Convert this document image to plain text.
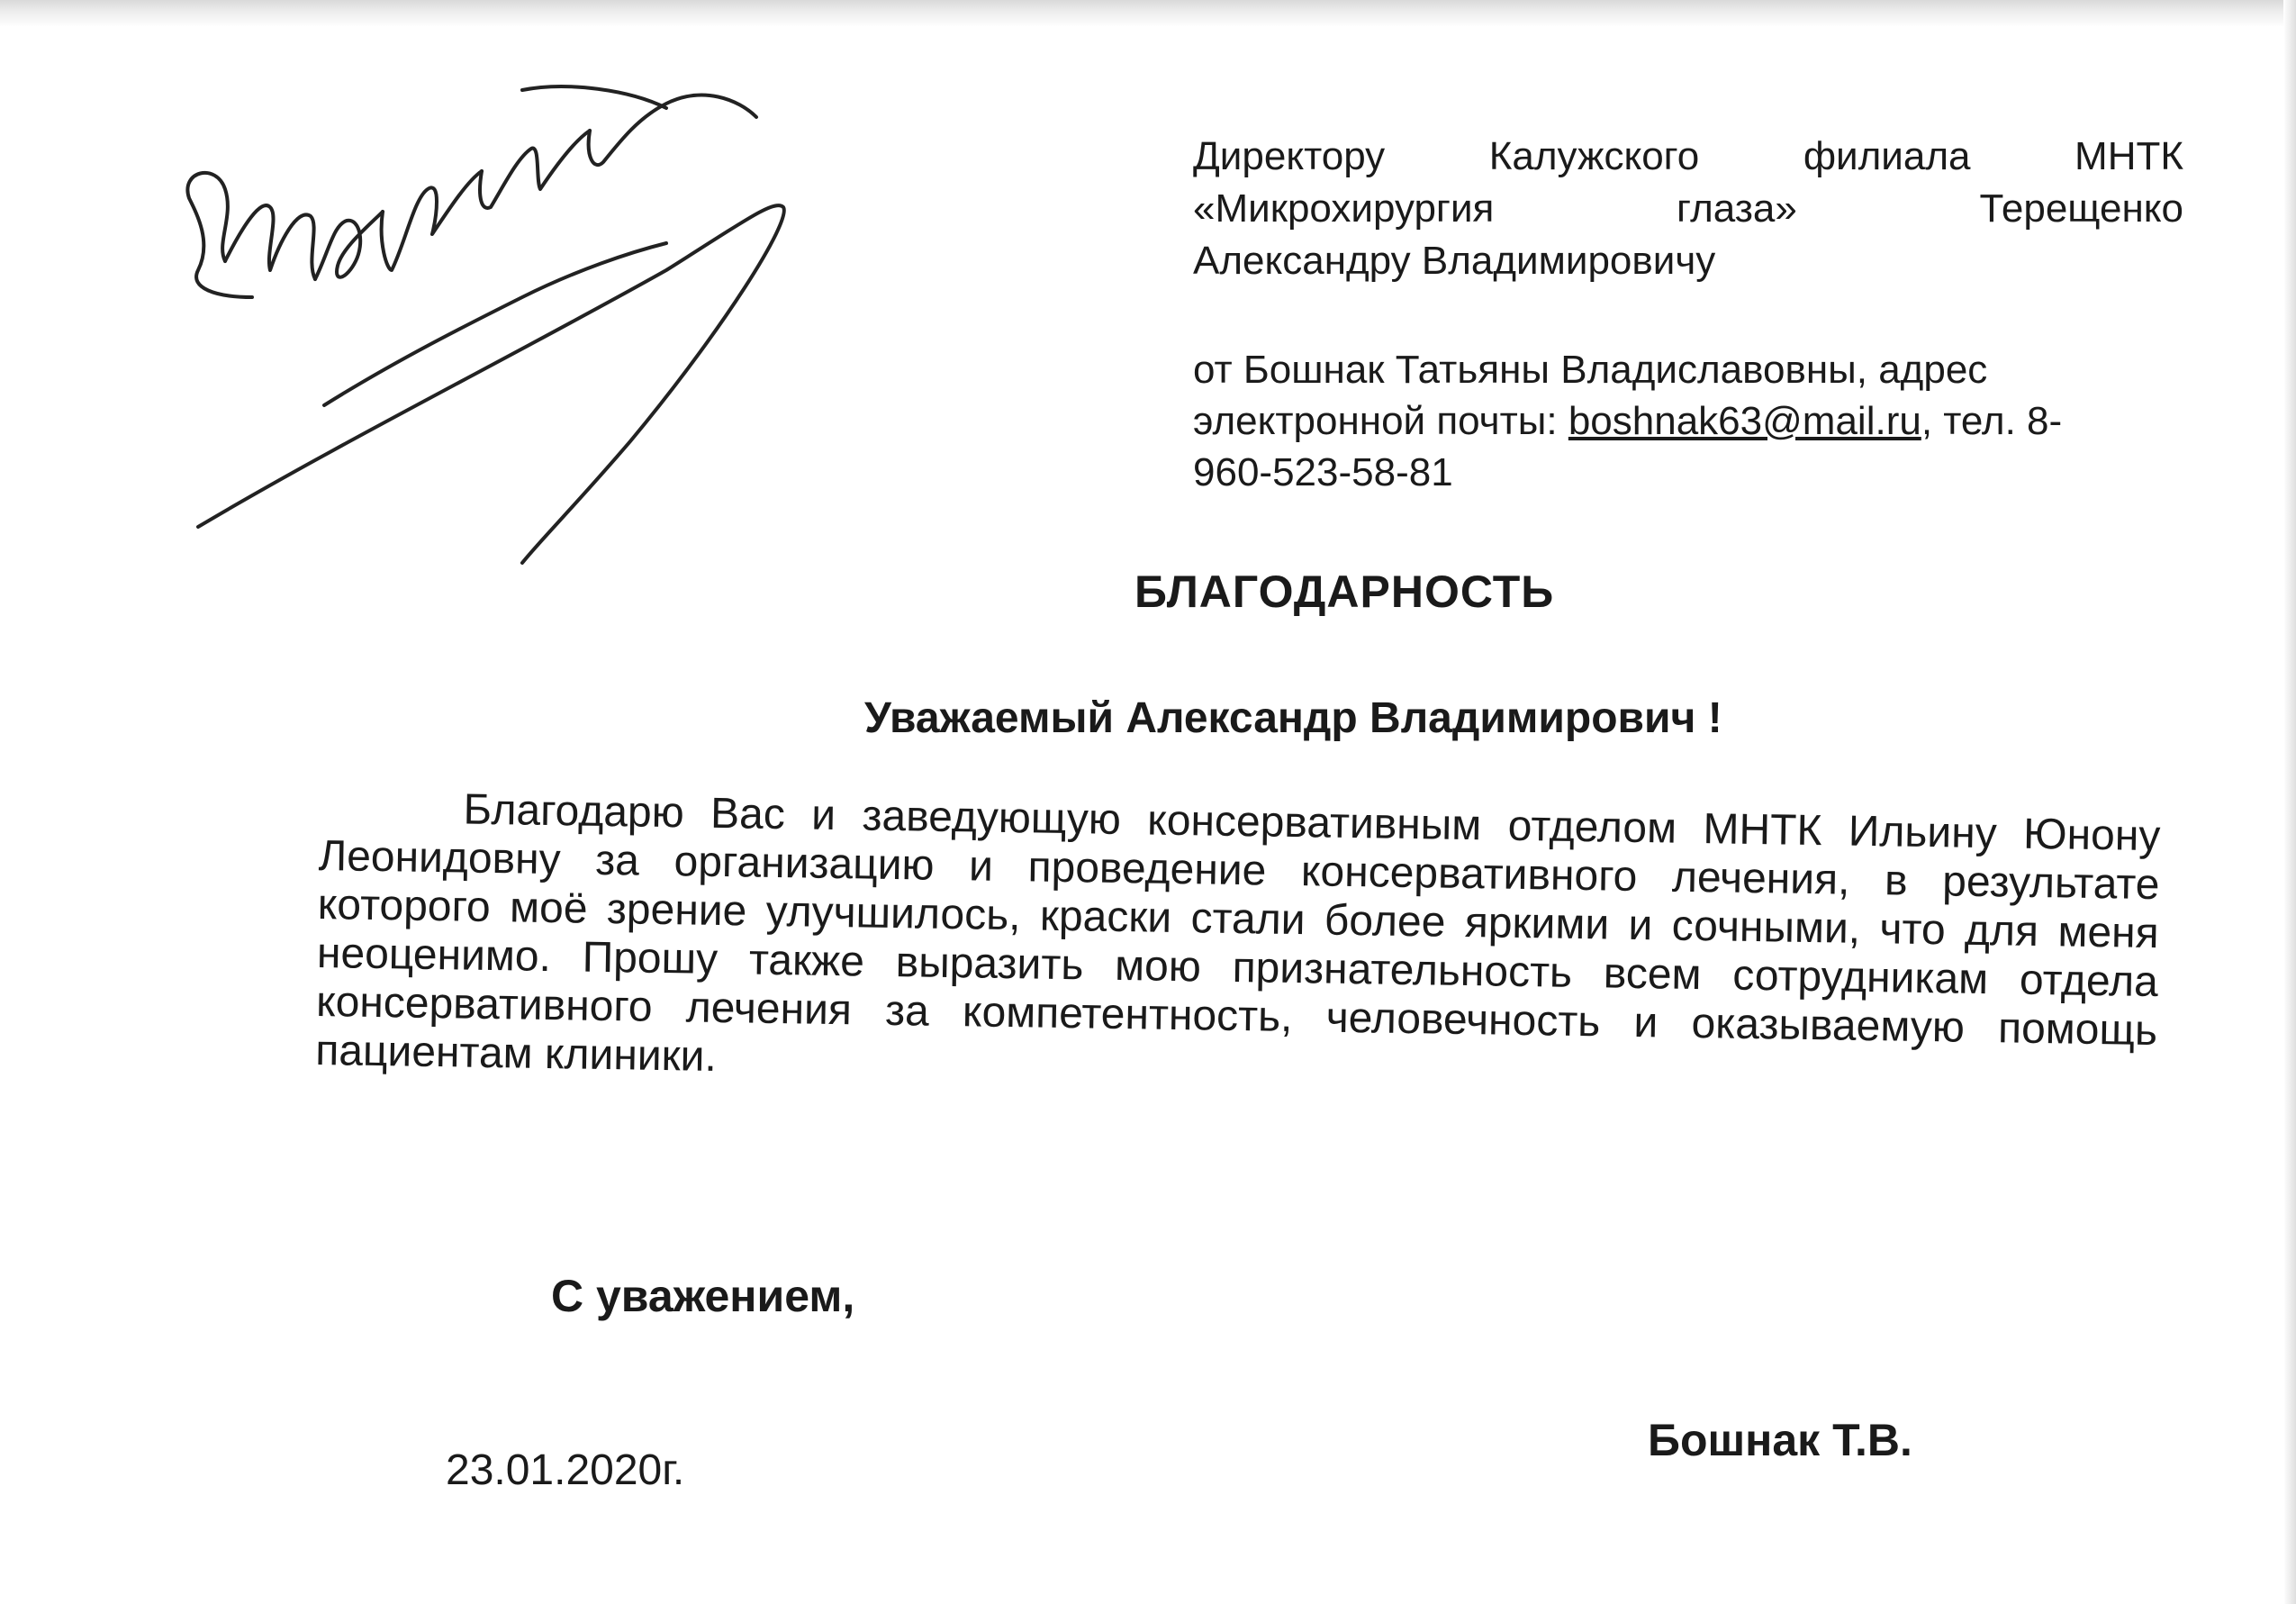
Директору Калужского филиала МНТК
«Микрохирургия глаза» Терещенко
Александру Владимировичу
от Бошнак Татьяны Владиславовны, адрес электронной почты: boshnak63@mail.ru, тел. 8-960-523-58-81
БЛАГОДАРНОСТЬ
Уважаемый Александр Владимирович !
Благодарю Вас и заведующую консервативным отделом МНТК Ильину Юнону Леонидовну за организацию и проведение консервативного лечения, в результате которого моё зрение улучшилось, краски стали более яркими и сочными, что для меня неоценимо. Прошу также выразить мою признательность всем сотрудникам отдела консервативного лечения за компетентность, человечность и оказываемую помощь пациентам клиники.
С уважением,
23.01.2020г.
Бошнак Т.В.
